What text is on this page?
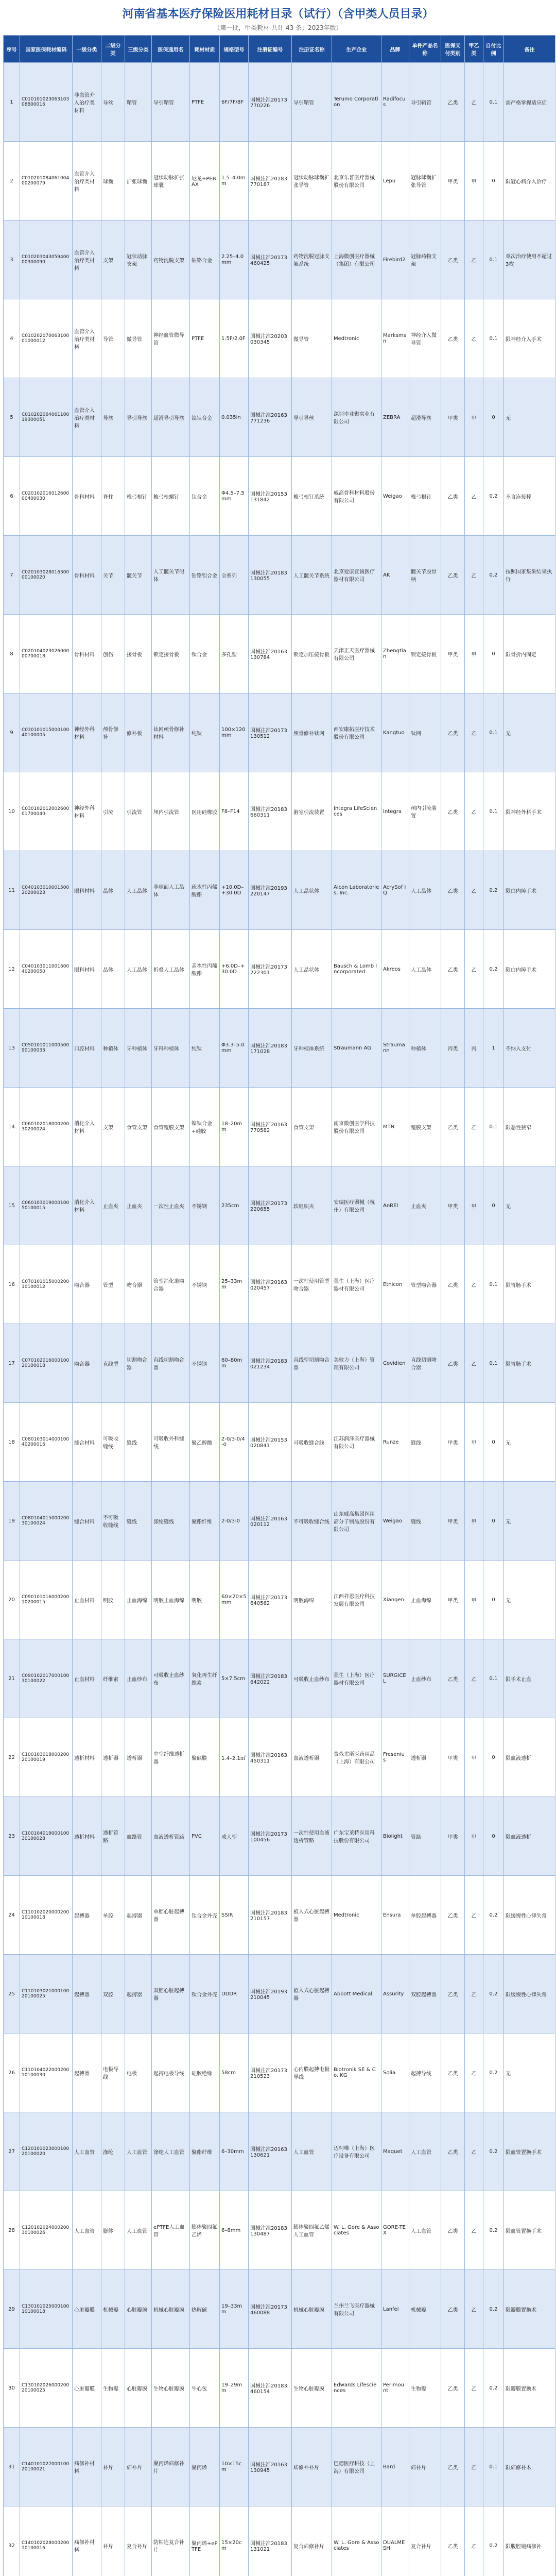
河南省基本医疗保险医用耗材目录（试行）（含甲类人员目录）
（第一批，甲类耗材 共计 43 条；2023年版）
序号	国家医保耗材编码	一级分类	二级分类	三级分类	医保通用名	耗材材质	规格型号	注册证编号	注册证名称	生产企业	品牌	单件产品名称	医保支付类别	甲乙类	自付比例	备注
1	C01010102306310308800016	非血管介入治疗类材料	导丝	鞘管	导引鞘管	PTFE	6F/7F/8F	国械注准20173770226	导引鞘管	Terumo Corporation	Radifocus	导引鞘管	乙类	乙	0.1	需严格掌握适应症
2	C01020108406100400200079	血管介入治疗类材料	球囊	扩张球囊	冠状动脉扩张球囊	尼龙+PEBAX	1.5–4.0mm	国械注准20183770187	冠状动脉球囊扩张导管	北京乐普医疗器械股份有限公司	Lepu	冠脉球囊扩张导管	甲类	甲	0	限冠心病介入治疗
3	C01020304305940000300090	血管介入治疗类材料	支架	冠状动脉支架	药物洗脱支架	钴铬合金	2.25–4.0mm	国械注准20173460425	药物洗脱冠脉支架系统	上海微创医疗器械（集团）有限公司	Firebird2	冠脉药物支架	乙类	乙	0.1	单次治疗使用不超过3枚
4	C01020207006310001000012	血管介入治疗类材料	导管	微导管	神经血管微导管	PTFE	1.5F/2.0F	国械注准20203030345	微导管	Medtronic	Marksman	神经介入微导管	乙类	乙	0.1	限神经介入手术
5	C01020206406110019300051	血管介入治疗类材料	导丝	导引导丝	超滑导引导丝	镍钛合金	0.035in	国械注准20163771236	导引导丝	深圳市业聚实业有限公司	ZEBRA	超滑导丝	甲类	甲	0	无
6	C02010201601260000400030	骨科材料	脊柱	椎弓根钉	椎弓根螺钉	钛合金	Φ4.5–7.5mm	国械注准20153131842	椎弓根钉系统	威高骨科材料股份有限公司	Weigao	椎弓根钉	乙类	乙	0.2	不含连接棒
7	C02010302801630000100020	骨科材料	关节	髋关节	人工髋关节假体	钴铬钼合金	全系列	国械注准20183130055	人工髋关节系统	北京爱康宜诚医疗器材有限公司	AK	髋关节股骨柄	乙类	乙	0.2	按照国家集采结果执行
8	C02010402302600000700018	骨科材料	创伤	接骨板	锁定接骨板	钛合金	多孔型	国械注准20163130784	锁定加压接骨板	天津正天医疗器械有限公司	Zhengtian	锁定接骨板	甲类	甲	0	限骨折内固定
9	C03010101500010040100005	神经外科材料	颅骨修补	修补板	钛网颅骨修补材料	纯钛	100×120mm	国械注准20173130512	颅骨修补钛网	西安康拓医疗技术股份有限公司	Kangtuo	钛网	乙类	乙	0.1	无
10	C03010201200260001700040	神经外科材料	引流	引流管	颅内引流管	医用硅橡胶	F8–F14	国械注准20183660311	脑室引流装置	Integra LifeSciences	Integra	颅内引流装置	乙类	乙	0.1	限神经外科手术
11	C04010301000150020200023	眼科材料	晶体	人工晶体	非球面人工晶体	疏水性丙烯酸酯	+10.0D–+30.0D	国械注准20193220147	人工晶状体	Alcon Laboratories, Inc.	AcrySof IQ	人工晶体	乙类	乙	0.2	限白内障手术
12	C04010301100160040200050	眼科材料	晶体	人工晶体	折叠人工晶体	亲水性丙烯酸酯	+6.0D–+30.0D	国械注准20173222301	人工晶状体	Bausch & Lomb Incorporated	Akreos	人工晶体	乙类	乙	0.2	限白内障手术
13	C05010101100050090100033	口腔材料	种植体	牙种植体	牙科种植体	纯钛	Φ3.3–5.0mm	国械注准20183171028	牙种植体系统	Straumann AG	Straumann	种植体	丙类	丙	1	不纳入支付
14	C06010201800020030200024	消化介入材料	支架	食管支架	食管覆膜支架	镍钛合金+硅胶	18–20mm	国械注准20163770582	食管支架	南京微创医学科技股份有限公司	MTN	覆膜支架	乙类	乙	0.1	限恶性狭窄
15	C06010301900010050100015	消化介入材料	止血夹	止血夹	一次性止血夹	不锈钢	235cm	国械注准20173220655	软组织夹	安瑞医疗器械（杭州）有限公司	AnREI	止血夹	甲类	甲	0	无
16	C07010101500020010100012	吻合器	管型	吻合器	管型消化道吻合器	不锈钢	25–33mm	国械注准20163020457	一次性使用管型吻合器	强生（上海）医疗器材有限公司	Ethicon	管型吻合器	乙类	乙	0.1	限胃肠手术
17	C07010201600010020100018	吻合器	直线型	切割吻合器	直线切割吻合器	不锈钢	60–80mm	国械注准20183021234	直线型切割吻合器	美敦力（上海）管理有限公司	Covidien	直线切割吻合器	乙类	乙	0.1	限胃肠手术
18	C08010301400010040200016	缝合材料	可吸收缝线	缝线	可吸收外科缝线	聚乙醇酸	2-0/3-0/4-0	国械注准20153020841	可吸收缝合线	江苏润泽医疗器械有限公司	Runze	缝线	甲类	甲	0	无
19	C08010401500020030100024	缝合材料	不可吸收缝线	缝线	涤纶缝线	聚酯纤维	2-0/3-0	国械注准20163020112	不可吸收缝合线	山东威高集团医用高分子制品股份有限公司	Weigao	缝线	甲类	甲	0	无
20	C09010101600020010200015	止血材料	明胶	止血海绵	明胶止血海绵	明胶	60×20×5mm	国械注准20173640562	明胶海绵	江西祥恩医疗科技发展有限公司	Xiangen	止血海绵	甲类	甲	0	无
21	C09010201700010030100022	止血材料	纤维素	止血纱布	可吸收止血纱布	氧化再生纤维素	5×7.5cm	国械注准20183642022	可吸收止血纱布	强生（上海）医疗器材有限公司	SURGICEL	止血纱布	乙类	乙	0.1	限手术止血
22	C10010301800020020100019	透析材料	透析器	透析器	中空纤维透析器	聚砜膜	1.4–2.1㎡	国械注准20163450311	血液透析器	费森尤斯医药用品（上海）有限公司	Fresenius	透析器	甲类	甲	0	限血液透析
23	C10010401900010030100028	透析材料	透析管路	血路管	血液透析管路	PVC	成人型	国械注准20173100456	一次性使用血液透析管路	广东宝莱特医用科技股份有限公司	Biolight	管路	甲类	甲	0	限血液透析
24	C11010202000020010100018	起搏器	单腔	起搏器	单腔心脏起搏器	钛合金外壳	SSIR	国械注准20183210157	植入式心脏起搏器	Medtronic	Ensura	单腔起搏器	乙类	乙	0.2	限缓慢性心律失常
25	C11010302100010020100025	起搏器	双腔	起搏器	双腔心脏起搏器	钛合金外壳	DDDR	国械注准20193210045	植入式心脏起搏器	Abbott Medical	Assurity	双腔起搏器	乙类	乙	0.2	限缓慢性心律失常
26	C11010402200020010100030	起搏器	电极导线	电极	起搏电极导线	硅胶绝缘	58cm	国械注准20173210523	心内膜起搏电极导线	Biotronik SE & Co. KG	Solia	起搏导线	乙类	乙	0.2	无
27	C12010102300010020100020	人工血管	涤纶	人工血管	涤纶人工血管	聚酯纤维	6–30mm	国械注准20163130621	人工血管	迈柯唯（上海）医疗设备有限公司	Maquet	人工血管	乙类	乙	0.2	限血管置换手术
28	C12010202400020030100026	人工血管	膨体	人工血管	ePTFE人工血管	膨体聚四氟乙烯	6–8mm	国械注准20183130487	膨体聚四氟乙烯人工血管	W. L. Gore & Associates	GORE-TEX	人工血管	乙类	乙	0.2	限血管置换手术
29	C13010102500010010100018	心脏瓣膜	机械瓣	心脏瓣膜	机械心脏瓣膜	热解碳	19–33mm	国械注准20173460088	机械心脏瓣膜	兰州兰飞医疗器械有限公司	Lanfei	机械瓣	乙类	乙	0.2	限瓣膜置换术
30	C13010202600020020100025	心脏瓣膜	生物瓣	心脏瓣膜	生物心脏瓣膜	牛心包	19–29mm	国械注准20183460154	生物心脏瓣膜	Edwards Lifesciences	Perimount	生物瓣	乙类	乙	0.2	限瓣膜置换术
31	C14010102700010020100021	疝修补材料	补片	疝补片	聚丙烯疝修补片	聚丙烯	10×15cm	国械注准20163130945	疝修补补片	巴德医疗科技（上海）有限公司	Bard	疝补片	乙类	乙	0.1	限疝修补术
32	C14010202800020010100016	疝修补材料	补片	复合补片	防粘连复合补片	聚丙烯+ePTFE	15×20cm	国械注准20183131021	复合疝修补片	W. L. Gore & Associates	DUALMESH	复合补片	乙类	乙	0.2	限腹腔镜疝修补
